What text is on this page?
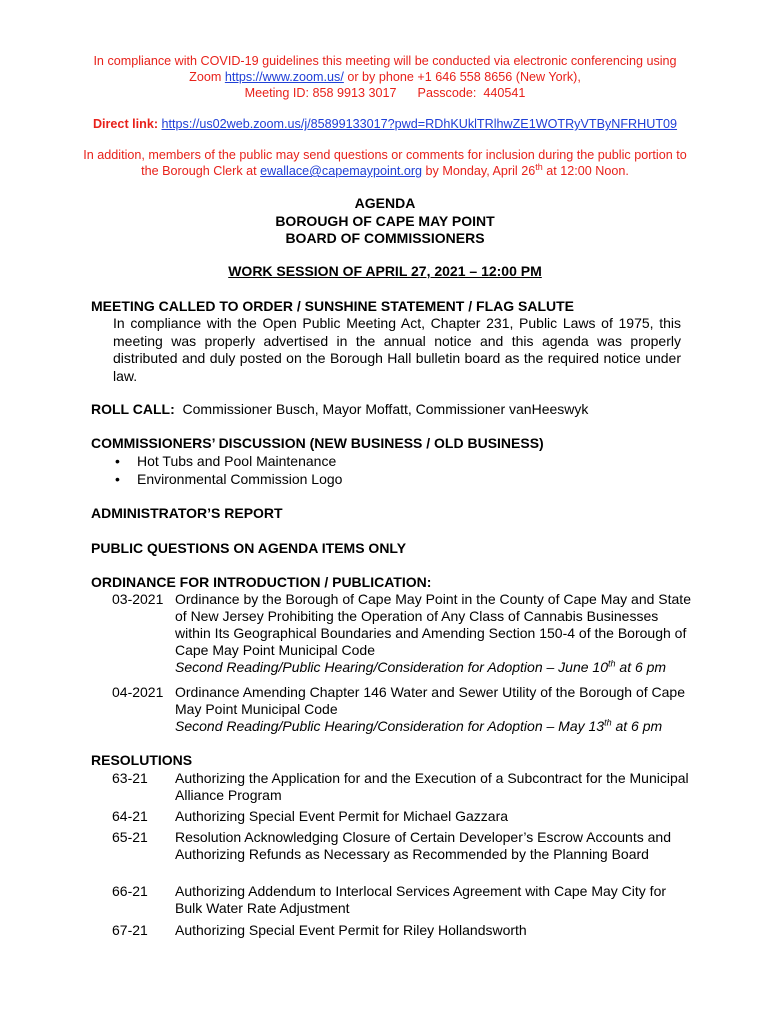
In compliance with COVID-19 guidelines this meeting will be conducted via electronic conferencing using
Zoom https://www.zoom.us/ or by phone +1 646 558 8656 (New York),
Meeting ID: 858 9913 3017      Passcode:  440541
Direct link: https://us02web.zoom.us/j/85899133017?pwd=RDhKUklTRlhwZE1WOTRyVTByNFRHUT09
In addition, members of the public may send questions or comments for inclusion during the public portion to
the Borough Clerk at ewallace@capemaypoint.org by Monday, April 26th at 12:00 Noon.
AGENDA
BOROUGH OF CAPE MAY POINT
BOARD OF COMMISSIONERS
WORK SESSION OF APRIL 27, 2021 – 12:00 PM
MEETING CALLED TO ORDER / SUNSHINE STATEMENT / FLAG SALUTE
In compliance with the Open Public Meeting Act, Chapter 231, Public Laws of 1975, this meeting was properly advertised in the annual notice and this agenda was properly distributed and duly posted on the Borough Hall bulletin board as the required notice under law.
ROLL CALL:  Commissioner Busch, Mayor Moffatt, Commissioner vanHeeswyk
COMMISSIONERS’ DISCUSSION (NEW BUSINESS / OLD BUSINESS)
• Hot Tubs and Pool Maintenance
• Environmental Commission Logo
ADMINISTRATOR’S REPORT
PUBLIC QUESTIONS ON AGENDA ITEMS ONLY
ORDINANCE FOR INTRODUCTION / PUBLICATION:
03-2021 Ordinance by the Borough of Cape May Point in the County of Cape May and State of New Jersey Prohibiting the Operation of Any Class of Cannabis Businesses within Its Geographical Boundaries and Amending Section 150-4 of the Borough of Cape May Point Municipal Code
Second Reading/Public Hearing/Consideration for Adoption – June 10th at 6 pm
04-2021 Ordinance Amending Chapter 146 Water and Sewer Utility of the Borough of Cape May Point Municipal Code
Second Reading/Public Hearing/Consideration for Adoption – May 13th at 6 pm
RESOLUTIONS
63-21	Authorizing the Application for and the Execution of a Subcontract for the Municipal Alliance Program
64-21	Authorizing Special Event Permit for Michael Gazzara
65-21	Resolution Acknowledging Closure of Certain Developer’s Escrow Accounts and Authorizing Refunds as Necessary as Recommended by the Planning Board
66-21	Authorizing Addendum to Interlocal Services Agreement with Cape May City for Bulk Water Rate Adjustment
67-21	Authorizing Special Event Permit for Riley Hollandsworth
